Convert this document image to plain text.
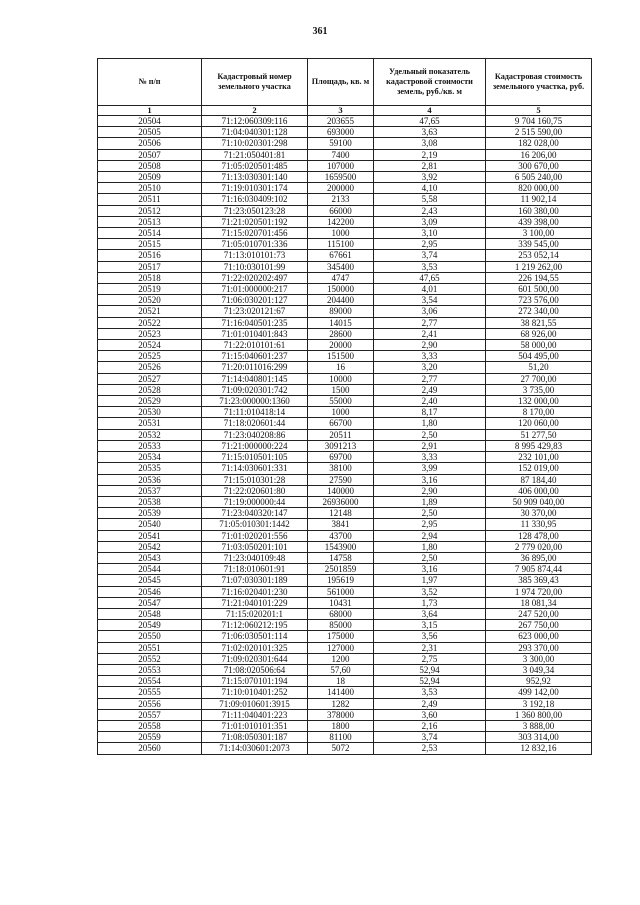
361
№ п/п	Кадастровый номер земельного участка	Площадь, кв. м	Удельный показатель кадастровой стоимости земель, руб./кв. м	Кадастровая стоимость земельного участка, руб.
1	2	3	4	5
20504	71:12:060309:116	203655	47,65	9 704 160,75
20505	71:04:040301:128	693000	3,63	2 515 590,00
20506	71:10:020301:298	59100	3,08	182 028,00
20507	71:21:050401:81	7400	2,19	16 206,00
20508	71:05:020501:485	107000	2,81	300 670,00
20509	71:13:030301:140	1659500	3,92	6 505 240,00
20510	71:19:010301:174	200000	4,10	820 000,00
20511	71:16:030409:102	2133	5,58	11 902,14
20512	71:23:050123:28	66000	2,43	160 380,00
20513	71:21:020501:192	142200	3,09	439 398,00
20514	71:15:020701:456	1000	3,10	3 100,00
20515	71:05:010701:336	115100	2,95	339 545,00
20516	71:13:010101:73	67661	3,74	253 052,14
20517	71:10:030101:99	345400	3,53	1 219 262,00
20518	71:22:020202:497	4747	47,65	226 194,55
20519	71:01:000000:217	150000	4,01	601 500,00
20520	71:06:030201:127	204400	3,54	723 576,00
20521	71:23:020121:67	89000	3,06	272 340,00
20522	71:16:040501:235	14015	2,77	38 821,55
20523	71:01:010401:843	28600	2,41	68 926,00
20524	71:22:010101:61	20000	2,90	58 000,00
20525	71:15:040601:237	151500	3,33	504 495,00
20526	71:20:011016:299	16	3,20	51,20
20527	71:14:040801:145	10000	2,77	27 700,00
20528	71:09:020301:742	1500	2,49	3 735,00
20529	71:23:000000:1360	55000	2,40	132 000,00
20530	71:11:010418:14	1000	8,17	8 170,00
20531	71:18:020601:44	66700	1,80	120 060,00
20532	71:23:040208:86	20511	2,50	51 277,50
20533	71:21:000000:224	3091213	2,91	8 995 429,83
20534	71:15:010501:105	69700	3,33	232 101,00
20535	71:14:030601:331	38100	3,99	152 019,00
20536	71:15:010301:28	27590	3,16	87 184,40
20537	71:22:020601:80	140000	2,90	406 000,00
20538	71:19:000000:44	26936000	1,89	50 909 040,00
20539	71:23:040320:147	12148	2,50	30 370,00
20540	71:05:010301:1442	3841	2,95	11 330,95
20541	71:01:020201:556	43700	2,94	128 478,00
20542	71:03:050201:101	1543900	1,80	2 779 020,00
20543	71:23:040109:48	14758	2,50	36 895,00
20544	71:18:010601:91	2501859	3,16	7 905 874,44
20545	71:07:030301:189	195619	1,97	385 369,43
20546	71:16:020401:230	561000	3,52	1 974 720,00
20547	71:21:040101:229	10431	1,73	18 081,34
20548	71:15:020201:1	68000	3,64	247 520,00
20549	71:12:060212:195	85000	3,15	267 750,00
20550	71:06:030501:114	175000	3,56	623 000,00
20551	71:02:020101:325	127000	2,31	293 370,00
20552	71:09:020301:644	1200	2,75	3 300,00
20553	71:08:020506:64	57,60	52,94	3 049,34
20554	71:15:070101:194	18	52,94	952,92
20555	71:10:010401:252	141400	3,53	499 142,00
20556	71:09:010601:3915	1282	2,49	3 192,18
20557	71:11:040401:223	378000	3,60	1 360 800,00
20558	71:01:010101:351	1800	2,16	3 888,00
20559	71:08:050301:187	81100	3,74	303 314,00
20560	71:14:030601:2073	5072	2,53	12 832,16
